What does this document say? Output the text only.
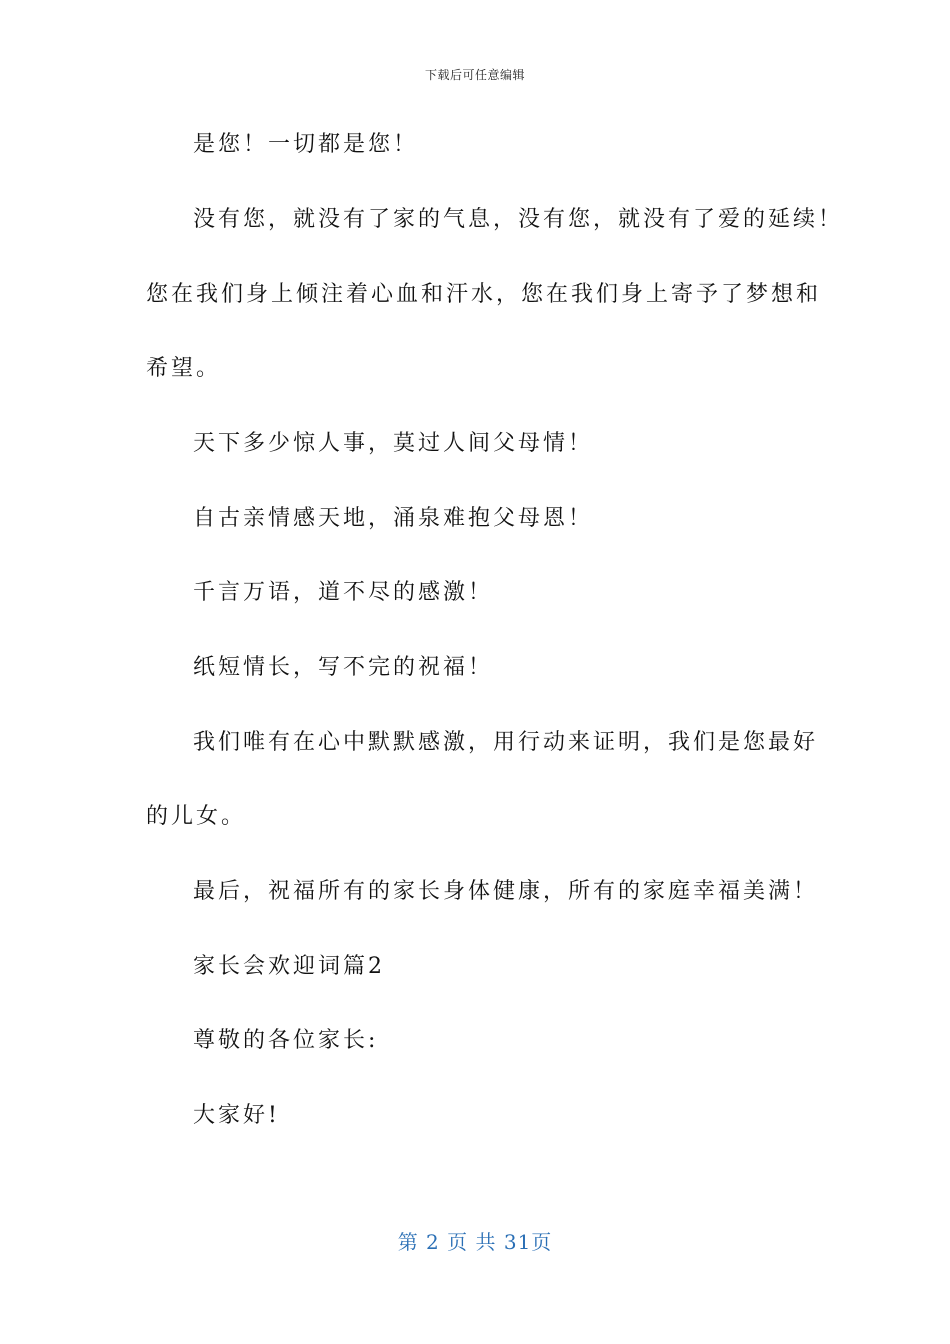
下载后可任意编辑
是您！一切都是您！
没有您，就没有了家的气息，没有您，就没有了爱的延续！
您在我们身上倾注着心血和汗水，您在我们身上寄予了梦想和
希望。
天下多少惊人事，莫过人间父母情！
自古亲情感天地，涌泉难抱父母恩！
千言万语，道不尽的感激！
纸短情长，写不完的祝福！
我们唯有在心中默默感激，用行动来证明，我们是您最好
的儿女。
最后，祝福所有的家长身体健康，所有的家庭幸福美满！
家长会欢迎词篇2
尊敬的各位家长:
大家好!
第 2 页 共 31页
